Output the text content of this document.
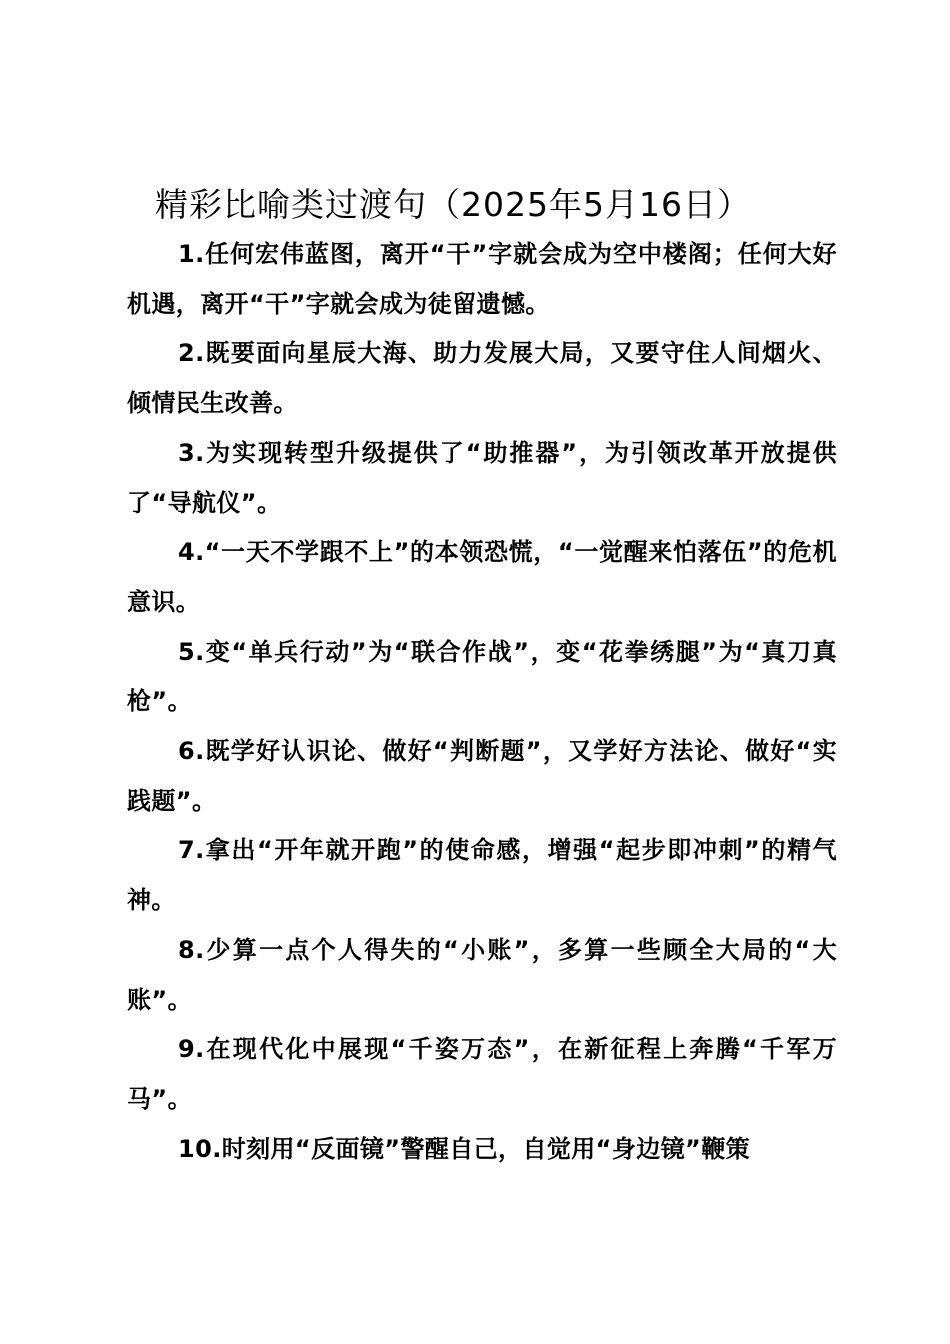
精彩比喻类过渡句（2025年5月16日）

1.任何宏伟蓝图，离开“干”字就会成为空中楼阁；任何大好机遇，离开“干”字就会成为徒留遗憾。

2.既要面向星辰大海、助力发展大局，又要守住人间烟火、倾情民生改善。

3.为实现转型升级提供了“助推器”，为引领改革开放提供了“导航仪”。

4.“一天不学跟不上”的本领恐慌，“一觉醒来怕落伍”的危机意识。

5.变“单兵行动”为“联合作战”，变“花拳绣腿”为“真刀真枪”。

6.既学好认识论、做好“判断题”，又学好方法论、做好“实践题”。

7.拿出“开年就开跑”的使命感，增强“起步即冲刺”的精气神。

8.少算一点个人得失的“小账”，多算一些顾全大局的“大账”。

9.在现代化中展现“千姿万态”，在新征程上奔腾“千军万马”。

10.时刻用“反面镜”警醒自己，自觉用“身边镜”鞭策
